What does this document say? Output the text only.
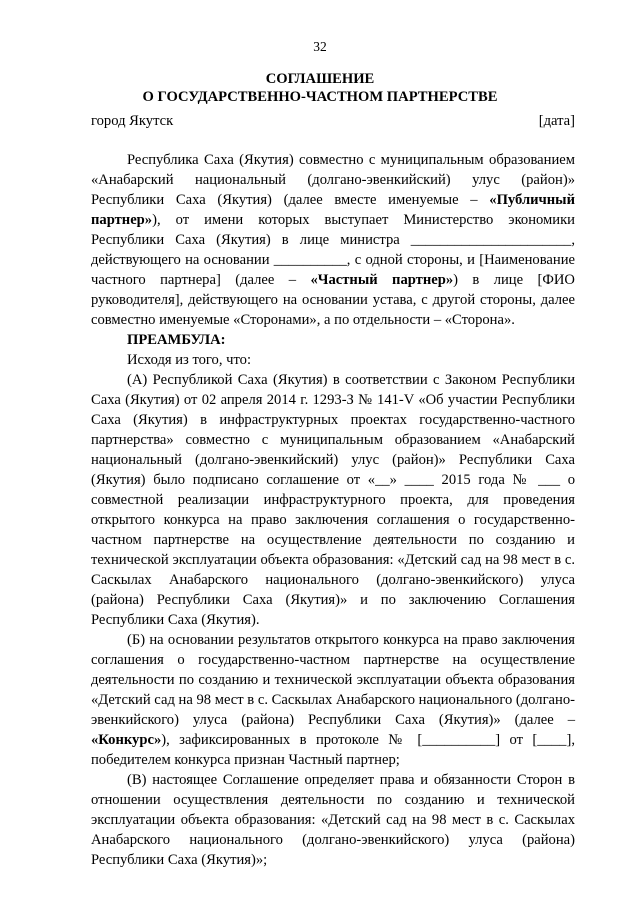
32
СОГЛАШЕНИЕ
О ГОСУДАРСТВЕННО-ЧАСТНОМ ПАРТНЕРСТВЕ
город Якутск	[дата]

Республика Саха (Якутия) совместно с муниципальным образованием «Анабарский национальный (долгано-эвенкийский) улус (район)» Республики Саха (Якутия) (далее вместе именуемые – «Публичный партнер»), от имени которых выступает Министерство экономики Республики Саха (Якутия) в лице министра ______________________, действующего на основании __________, с одной стороны, и [Наименование частного партнера] (далее – «Частный партнер») в лице [ФИО руководителя], действующего на основании устава, с другой стороны, далее совместно именуемые «Сторонами», а по отдельности – «Сторона».

ПРЕАМБУЛА:

Исходя из того, что:

(А) Республикой Саха (Якутия) в соответствии с Законом Республики Саха (Якутия) от 02 апреля 2014 г. 1293-З № 141-V «Об участии Республики Саха (Якутия) в инфраструктурных проектах государственно-частного партнерства» совместно с муниципальным образованием «Анабарский национальный (долгано-эвенкийский) улус (район)» Республики Саха (Якутия) было подписано соглашение от «__» ____ 2015 года № ___ о совместной реализации инфраструктурного проекта, для проведения открытого конкурса на право заключения соглашения о государственно-частном партнерстве на осуществление деятельности по созданию и технической эксплуатации объекта образования: «Детский сад на 98 мест в с. Саскылах Анабарского национального (долгано-эвенкийского) улуса (района) Республики Саха (Якутия)» и по заключению Соглашения Республики Саха (Якутия).

(Б) на основании результатов открытого конкурса на право заключения соглашения о государственно-частном партнерстве на осуществление деятельности по созданию и технической эксплуатации объекта образования «Детский сад на 98 мест в с. Саскылах Анабарского национального (долгано-эвенкийского) улуса (района) Республики Саха (Якутия)» (далее – «Конкурс»), зафиксированных в протоколе № [__________] от [____], победителем конкурса признан Частный партнер;

(В) настоящее Соглашение определяет права и обязанности Сторон в отношении осуществления деятельности по созданию и технической эксплуатации объекта образования: «Детский сад на 98 мест в с. Саскылах Анабарского национального (долгано-эвенкийского) улуса (района) Республики Саха (Якутия)»;
